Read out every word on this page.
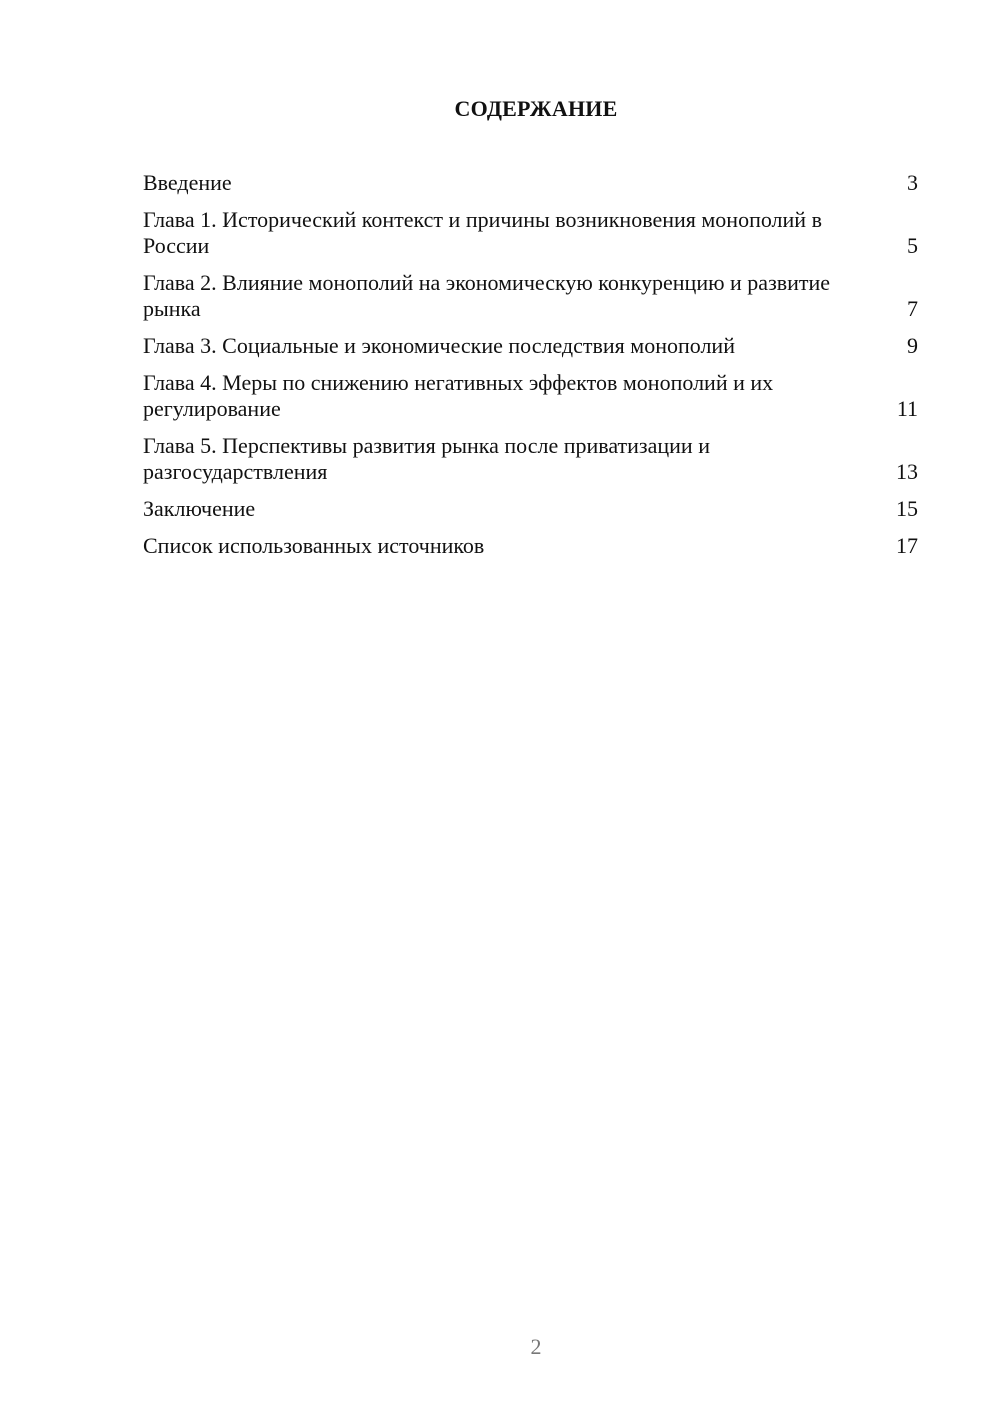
СОДЕРЖАНИЕ
Введение	3
Глава 1. Исторический контекст и причины возникновения монополий в России	5
Глава 2. Влияние монополий на экономическую конкуренцию и развитие рынка	7
Глава 3. Социальные и экономические последствия монополий	9
Глава 4. Меры по снижению негативных эффектов монополий и их регулирование	11
Глава 5. Перспективы развития рынка после приватизации и разгосударствления	13
Заключение	15
Список использованных источников	17
2
